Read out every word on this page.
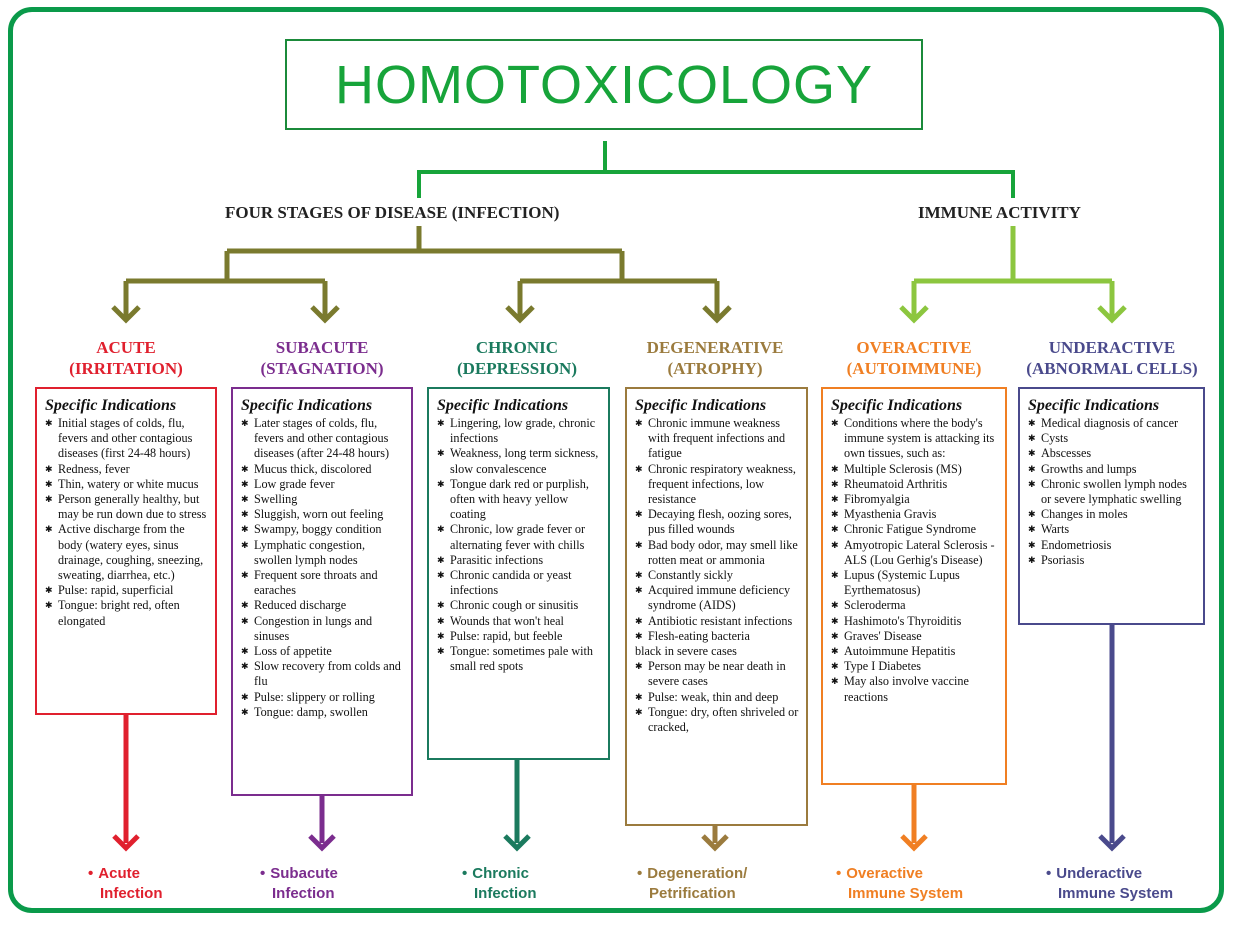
HOMOTOXICOLOGY
FOUR STAGES OF DISEASE (INFECTION)	IMMUNE ACTIVITY
ACUTE
(IRRITATION)
Specific Indications
✱ Initial stages of colds, flu, fevers and other contagious diseases (first 24-48 hours)
✱ Redness, fever
✱ Thin, watery or white mucus
✱ Person generally healthy, but may be run down due to stress
✱ Active discharge from the body (watery eyes, sinus drainage, coughing, sneezing, sweating, diarrhea, etc.)
✱ Pulse: rapid, superficial
✱ Tongue: bright red, often elongated
• Acute
Infection
SUBACUTE
(STAGNATION)
Specific Indications
✱ Later stages of colds, flu, fevers and other contagious diseases (after 24-48 hours)
✱ Mucus thick, discolored
✱ Low grade fever
✱ Swelling
✱ Sluggish, worn out feeling
✱ Swampy, boggy condition
✱ Lymphatic congestion, swollen lymph nodes
✱ Frequent sore throats and earaches
✱ Reduced discharge
✱ Congestion in lungs and sinuses
✱ Loss of appetite
✱ Slow recovery from colds and flu
✱ Pulse: slippery or rolling
✱ Tongue: damp, swollen
• Subacute
Infection
CHRONIC
(DEPRESSION)
Specific Indications
✱ Lingering, low grade, chronic infections
✱ Weakness, long term sickness, slow convalescence
✱ Tongue dark red or purplish, often with heavy yellow coating
✱ Chronic, low grade fever or alternating fever with chills
✱ Parasitic infections
✱ Chronic candida or yeast infections
✱ Chronic cough or sinusitis
✱ Wounds that won't heal
✱ Pulse: rapid, but feeble
✱ Tongue: sometimes pale with small red spots
• Chronic
Infection
DEGENERATIVE
(ATROPHY)
Specific Indications
✱ Chronic immune weakness with frequent infections and fatigue
✱ Chronic respiratory weakness, frequent infections, low resistance
✱ Decaying flesh, oozing sores, pus filled wounds
✱ Bad body odor, may smell like rotten meat or ammonia
✱ Constantly sickly
✱ Acquired immune deficiency syndrome (AIDS)
✱ Antibiotic resistant infections
✱ Flesh-eating bacteria
black in severe cases
✱ Person may be near death in severe cases
✱ Pulse: weak, thin and deep
✱ Tongue: dry, often shriveled or cracked,
• Degeneration/
Petrification
OVERACTIVE
(AUTOIMMUNE)
Specific Indications
✱ Conditions where the body's immune system is attacking its own tissues, such as:
✱ Multiple Sclerosis (MS)
✱ Rheumatoid Arthritis
✱ Fibromyalgia
✱ Myasthenia Gravis
✱ Chronic Fatigue Syndrome
✱ Amyotropic Lateral Sclerosis -ALS (Lou Gerhig's Disease)
✱ Lupus (Systemic Lupus Eyrthematosus)
✱ Scleroderma
✱ Hashimoto's Thyroiditis
✱ Graves' Disease
✱ Autoimmune Hepatitis
✱ Type I Diabetes
✱ May also involve vaccine reactions
• Overactive
Immune System
UNDERACTIVE
(ABNORMAL CELLS)
Specific Indications
✱ Medical diagnosis of cancer
✱ Cysts
✱ Abscesses
✱ Growths and lumps
✱ Chronic swollen lymph nodes or severe lymphatic swelling
✱ Changes in moles
✱ Warts
✱ Endometriosis
✱ Psoriasis
• Underactive
Immune System
